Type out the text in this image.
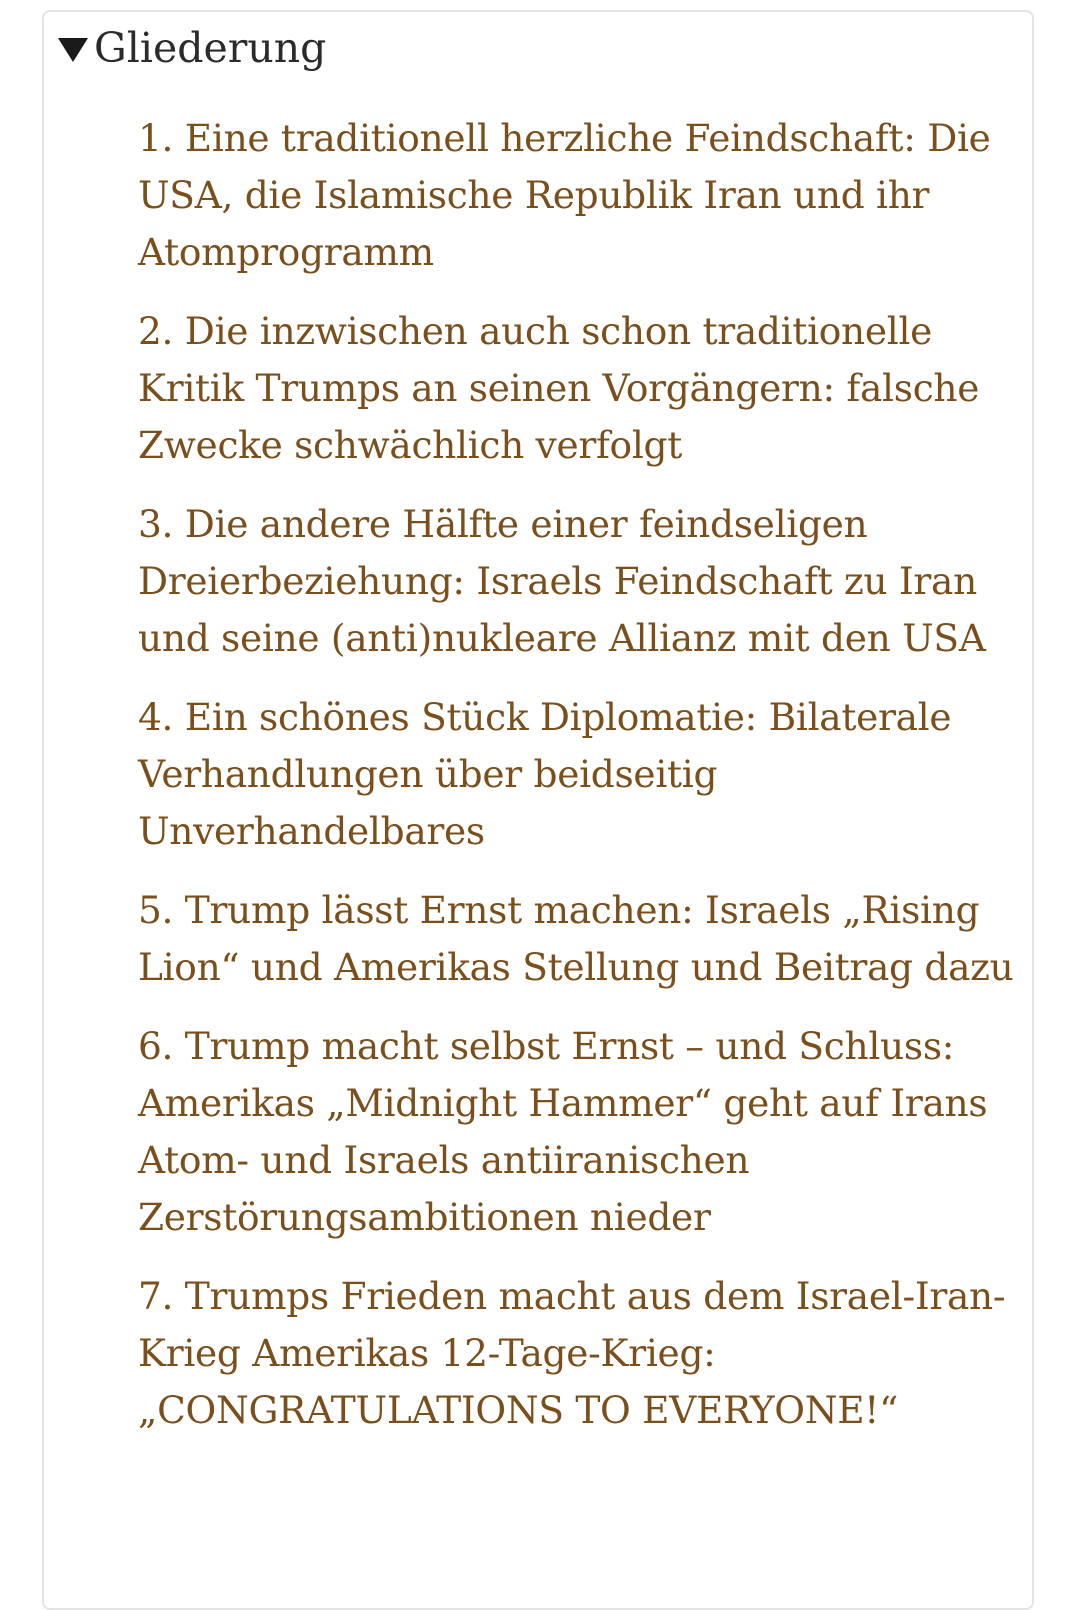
Gliederung
1. Eine traditionell herzliche Feindschaft: Die USA, die Islamische Republik Iran und ihr Atomprogramm
2. Die inzwischen auch schon traditionelle Kritik Trumps an seinen Vorgängern: falsche Zwecke schwächlich verfolgt
3. Die andere Hälfte einer feindseligen Dreierbeziehung: Israels Feindschaft zu Iran und seine (anti)nukleare Allianz mit den USA
4. Ein schönes Stück Diplomatie: Bilaterale Verhandlungen über beidseitig Unverhandelbares
5. Trump lässt Ernst machen: Israels „Rising Lion“ und Amerikas Stellung und Beitrag dazu
6. Trump macht selbst Ernst – und Schluss: Amerikas „Midnight Hammer“ geht auf Irans Atom- und Israels antiiranischen Zerstörungsambitionen nieder
7. Trumps Frieden macht aus dem Israel-Iran-Krieg Amerikas 12-Tage-Krieg: „CONGRATULATIONS TO EVERYONE!“
